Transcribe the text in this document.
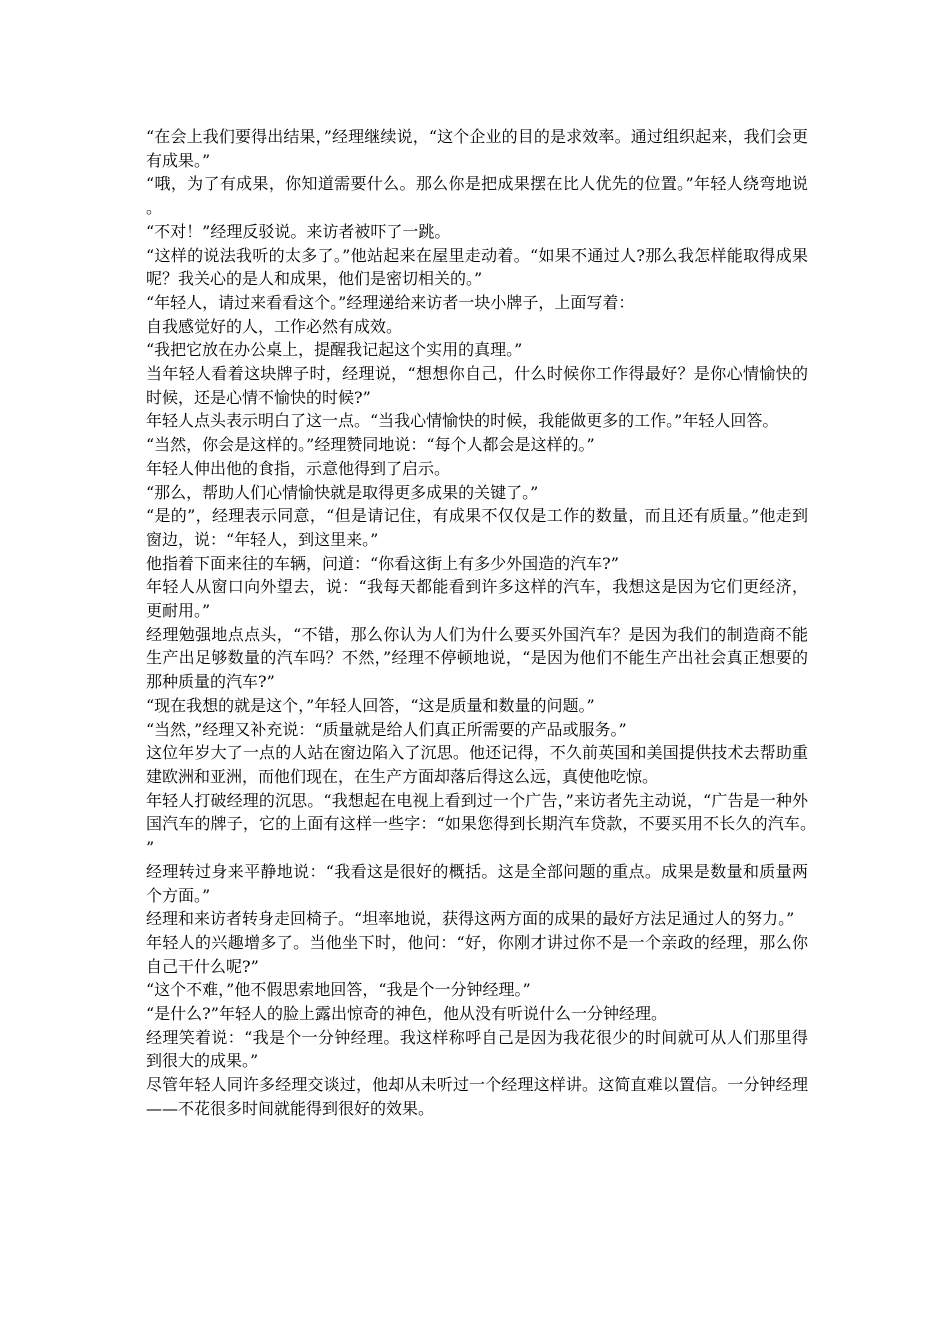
“在会上我们要得出结果，”经理继续说，“这个企业的目的是求效率。通过组织起来，我们会更有成果。”

“哦，为了有成果，你知道需要什么。那么你是把成果摆在比人优先的位置。”年轻人绕弯地说。

“不对！”经理反驳说。来访者被吓了一跳。

“这样的说法我听的太多了。”他站起来在屋里走动着。“如果不通过人?那么我怎样能取得成果呢？我关心的是人和成果，他们是密切相关的。”

“年轻人，请过来看看这个。”经理递给来访者一块小牌子，上面写着：

自我感觉好的人，工作必然有成效。

“我把它放在办公桌上，提醒我记起这个实用的真理。”

当年轻人看着这块牌子时，经理说，“想想你自己，什么时候你工作得最好？是你心情愉快的时候，还是心情不愉快的时候?”

年轻人点头表示明白了这一点。“当我心情愉快的时候，我能做更多的工作。”年轻人回答。

“当然，你会是这样的。”经理赞同地说：“每个人都会是这样的。”

年轻人伸出他的食指，示意他得到了启示。

“那么，帮助人们心情愉快就是取得更多成果的关键了。”

“是的”，经理表示同意，“但是请记住，有成果不仅仅是工作的数量，而且还有质量。”他走到窗边，说：“年轻人，到这里来。”

他指着下面来往的车辆，问道：“你看这街上有多少外国造的汽车?”

年轻人从窗口向外望去，说：“我每天都能看到许多这样的汽车，我想这是因为它们更经济，更耐用。”

经理勉强地点点头，“不错，那么你认为人们为什么要买外国汽车？是因为我们的制造商不能生产出足够数量的汽车吗？不然，”经理不停顿地说，“是因为他们不能生产出社会真正想要的那种质量的汽车?”

“现在我想的就是这个，”年轻人回答，“这是质量和数量的问题。”

“当然，”经理又补充说：“质量就是给人们真正所需要的产品或服务。”

这位年岁大了一点的人站在窗边陷入了沉思。他还记得，不久前英国和美国提供技术去帮助重建欧洲和亚洲，而他们现在，在生产方面却落后得这么远，真使他吃惊。

年轻人打破经理的沉思。“我想起在电视上看到过一个广告，”来访者先主动说，“广告是一种外国汽车的牌子，它的上面有这样一些字：“如果您得到长期汽车贷款，不要买用不长久的汽车。”

经理转过身来平静地说：“我看这是很好的概括。这是全部问题的重点。成果是数量和质量两个方面。”

经理和来访者转身走回椅子。“坦率地说，获得这两方面的成果的最好方法足通过人的努力。”

年轻人的兴趣增多了。当他坐下时，他问：“好，你刚才讲过你不是一个亲政的经理，那么你自己干什么呢?”

“这个不难，”他不假思索地回答，“我是个一分钟经理。”

“是什么?”年轻人的脸上露出惊奇的神色，他从没有听说什么一分钟经理。

经理笑着说：“我是个一分钟经理。我这样称呼自己是因为我花很少的时间就可从人们那里得到很大的成果。”

尽管年轻人同许多经理交谈过，他却从未听过一个经理这样讲。这简直难以置信。一分钟经理——不花很多时间就能得到很好的效果。
